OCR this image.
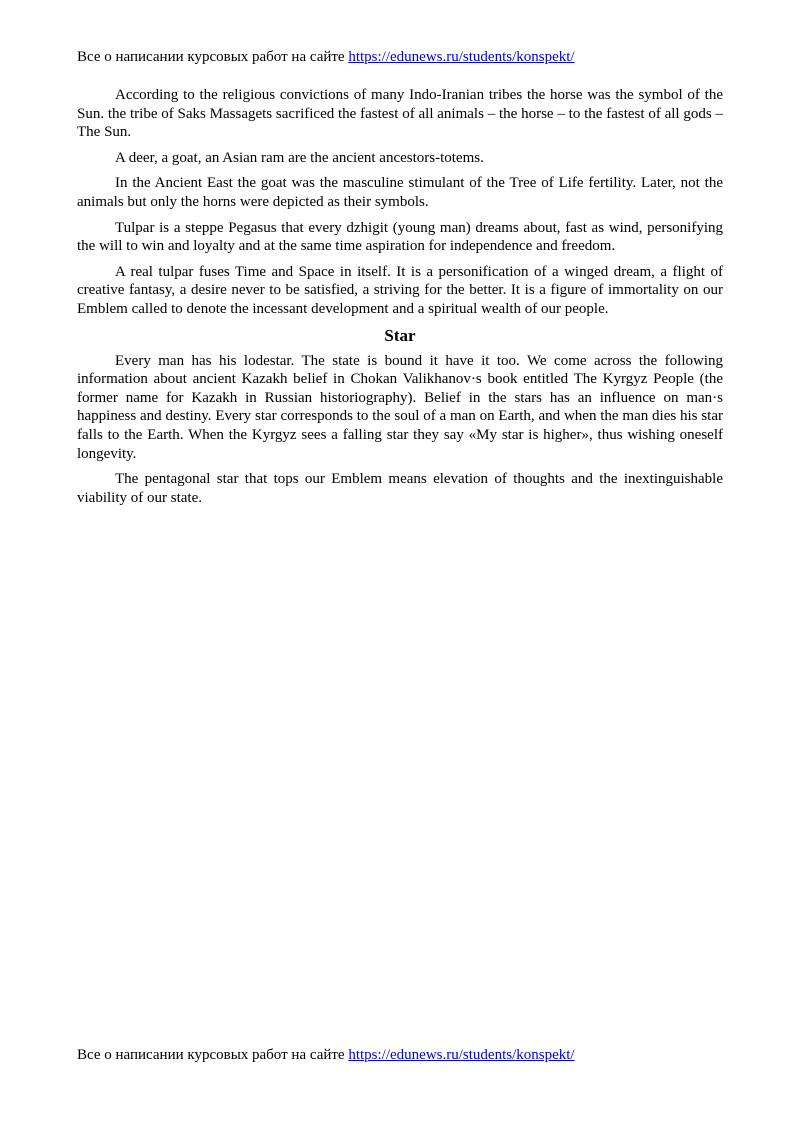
Все о написании курсовых работ на сайте https://edunews.ru/students/konspekt/

According to the religious convictions of many Indo-Iranian tribes the horse was the symbol of the Sun. the tribe of Saks Massagets sacrificed the fastest of all animals – the horse – to the fastest of all gods – The Sun.

A deer, a goat, an Asian ram are the ancient ancestors-totems.

In the Ancient East the goat was the masculine stimulant of the Tree of Life fertility. Later, not the animals but only the horns were depicted as their symbols.

Tulpar is a steppe Pegasus that every dzhigit (young man) dreams about, fast as wind, personifying the will to win and loyalty and at the same time aspiration for independence and freedom.

A real tulpar fuses Time and Space in itself. It is a personification of a winged dream, a flight of creative fantasy, a desire never to be satisfied, a striving for the better. It is a figure of immortality on our Emblem called to denote the incessant development and a spiritual wealth of our people.

Star

Every man has his lodestar. The state is bound it have it too. We come across the following information about ancient Kazakh belief in Chokan Valikhanov·s book entitled The Kyrgyz People (the former name for Kazakh in Russian historiography). Belief in the stars has an influence on man·s happiness and destiny. Every star corresponds to the soul of a man on Earth, and when the man dies his star falls to the Earth. When the Kyrgyz sees a falling star they say «My star is higher», thus wishing oneself longevity.

The pentagonal star that tops our Emblem means elevation of thoughts and the inextinguishable viability of our state.

Все о написании курсовых работ на сайте https://edunews.ru/students/konspekt/
